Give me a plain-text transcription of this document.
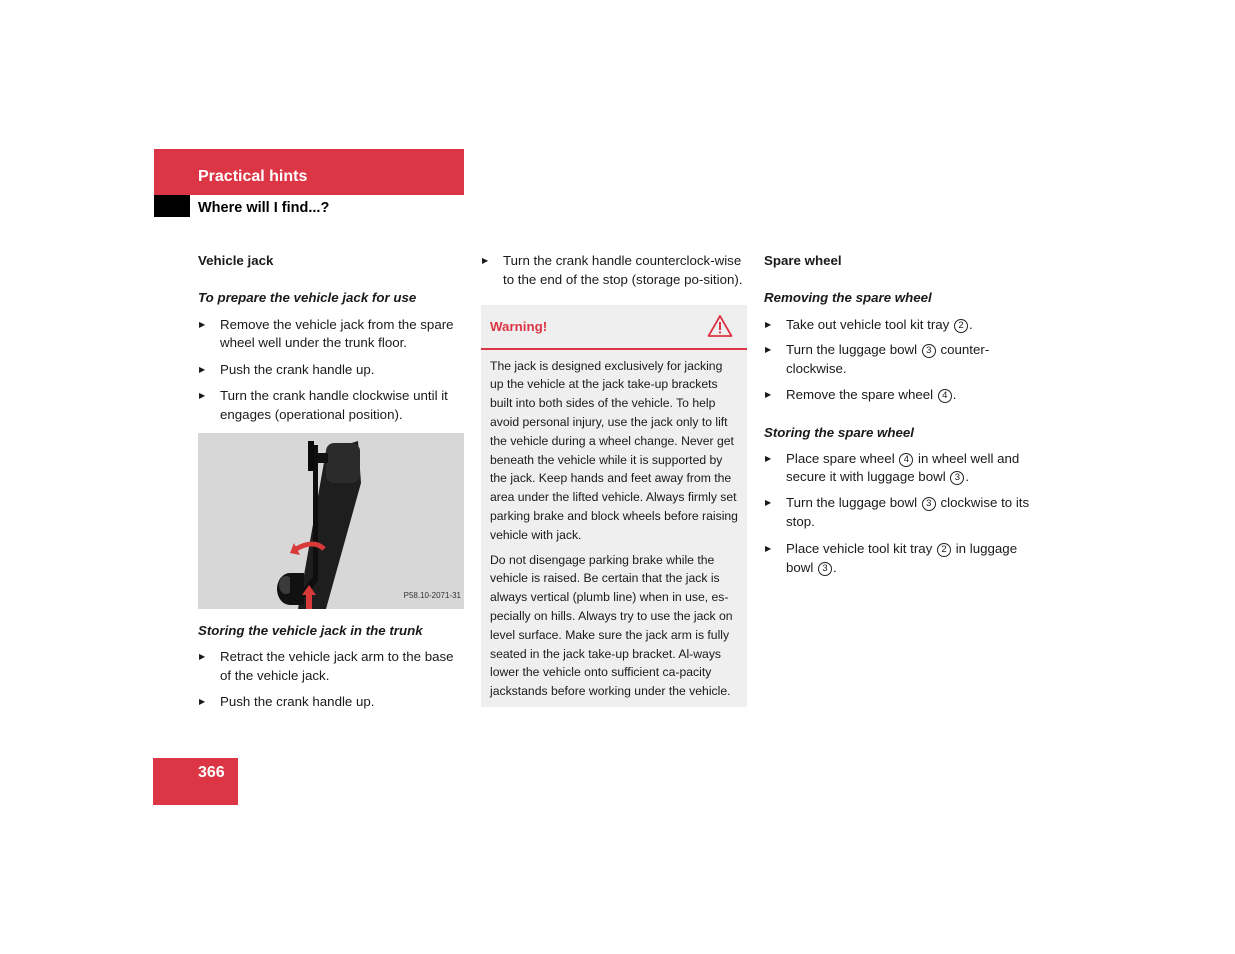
Practical hints
Where will I find...?
Vehicle jack
To prepare the vehicle jack for use
▶ Remove the vehicle jack from the spare wheel well under the trunk floor.
▶ Push the crank handle up.
▶ Turn the crank handle clockwise until it engages (operational position).
P58.10-2071-31
Storing the vehicle jack in the trunk
▶ Retract the vehicle jack arm to the base of the vehicle jack.
▶ Push the crank handle up.
▶ Turn the crank handle counterclock-wise to the end of the stop (storage po-sition).
Warning!

The jack is designed exclusively for jacking up the vehicle at the jack take-up brackets built into both sides of the vehicle. To help avoid personal injury, use the jack only to lift the vehicle during a wheel change. Never get beneath the vehicle while it is supported by the jack. Keep hands and feet away from the area under the lifted vehicle. Always firmly set parking brake and block wheels before raising vehicle with jack.

Do not disengage parking brake while the vehicle is raised. Be certain that the jack is always vertical (plumb line) when in use, es-pecially on hills. Always try to use the jack on level surface. Make sure the jack arm is fully seated in the jack take-up bracket. Al-ways lower the vehicle onto sufficient ca-pacity jackstands before working under the vehicle.

Spare wheel
Removing the spare wheel
▶ Take out vehicle tool kit tray 2 .
▶ Turn the luggage bowl 3 counter-clockwise.
▶ Remove the spare wheel 4 .
Storing the spare wheel
▶ Place spare wheel 4 in wheel well and secure it with luggage bowl 3 .
▶ Turn the luggage bowl 3 clockwise to its stop.
▶ Place vehicle tool kit tray 2 in luggage bowl 3 .
366
